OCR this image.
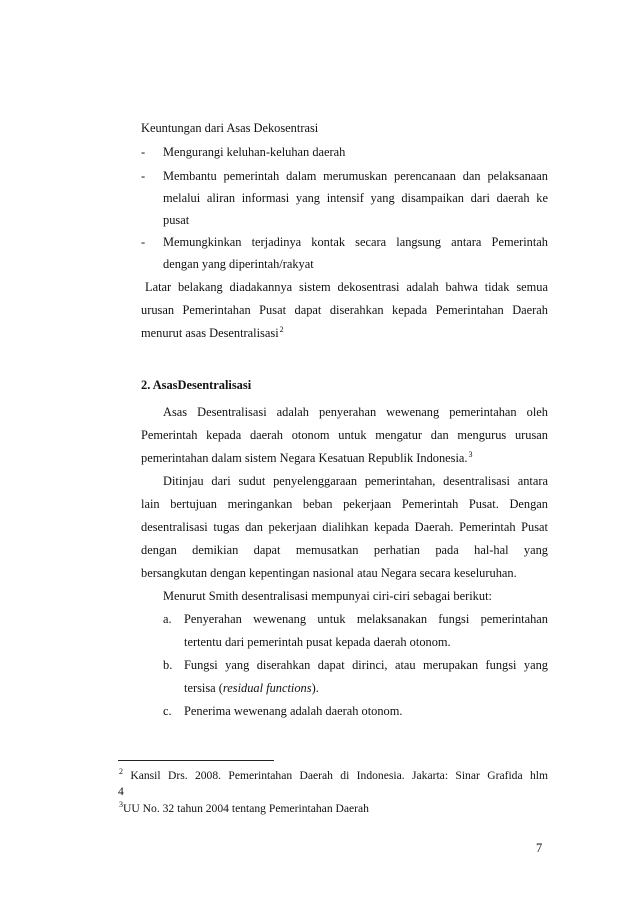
Keuntungan dari Asas Dekosentrasi
- Mengurangi keluhan-keluhan daerah
- Membantu pemerintah dalam merumuskan perencanaan dan pelaksanaan
melalui aliran informasi yang intensif yang disampaikan dari daerah ke
pusat
- Memungkinkan terjadinya kontak secara langsung antara Pemerintah
dengan yang diperintah/rakyat
Latar belakang diadakannya sistem dekosentrasi adalah bahwa tidak semua
urusan Pemerintahan Pusat dapat diserahkan kepada Pemerintahan Daerah
menurut asas Desentralisasi$^2$
2. AsasDesentralisasi
Asas Desentralisasi adalah penyerahan wewenang pemerintahan oleh
Pemerintah kepada daerah otonom untuk mengatur dan mengurus urusan
pemerintahan dalam sistem Negara Kesatuan Republik Indonesia.$^3$
Ditinjau dari sudut penyelenggaraan pemerintahan, desentralisasi antara
lain bertujuan meringankan beban pekerjaan Pemerintah Pusat. Dengan
desentralisasi tugas dan pekerjaan dialihkan kepada Daerah. Pemerintah Pusat
dengan demikian dapat memusatkan perhatian pada hal-hal yang
bersangkutan dengan kepentingan nasional atau Negara secara keseluruhan.
Menurut Smith desentralisasi mempunyai ciri-ciri sebagai berikut:
a. Penyerahan wewenang untuk melaksanakan fungsi pemerintahan
tertentu dari pemerintah pusat kepada daerah otonom.
b. Fungsi yang diserahkan dapat dirinci, atau merupakan fungsi yang
tersisa (residual functions).
c. Penerima wewenang adalah daerah otonom.
$^2$ Kansil Drs. 2008. Pemerintahan Daerah di Indonesia. Jakarta: Sinar Grafida hlm
4
$^3$UU No. 32 tahun 2004 tentang Pemerintahan Daerah
7
